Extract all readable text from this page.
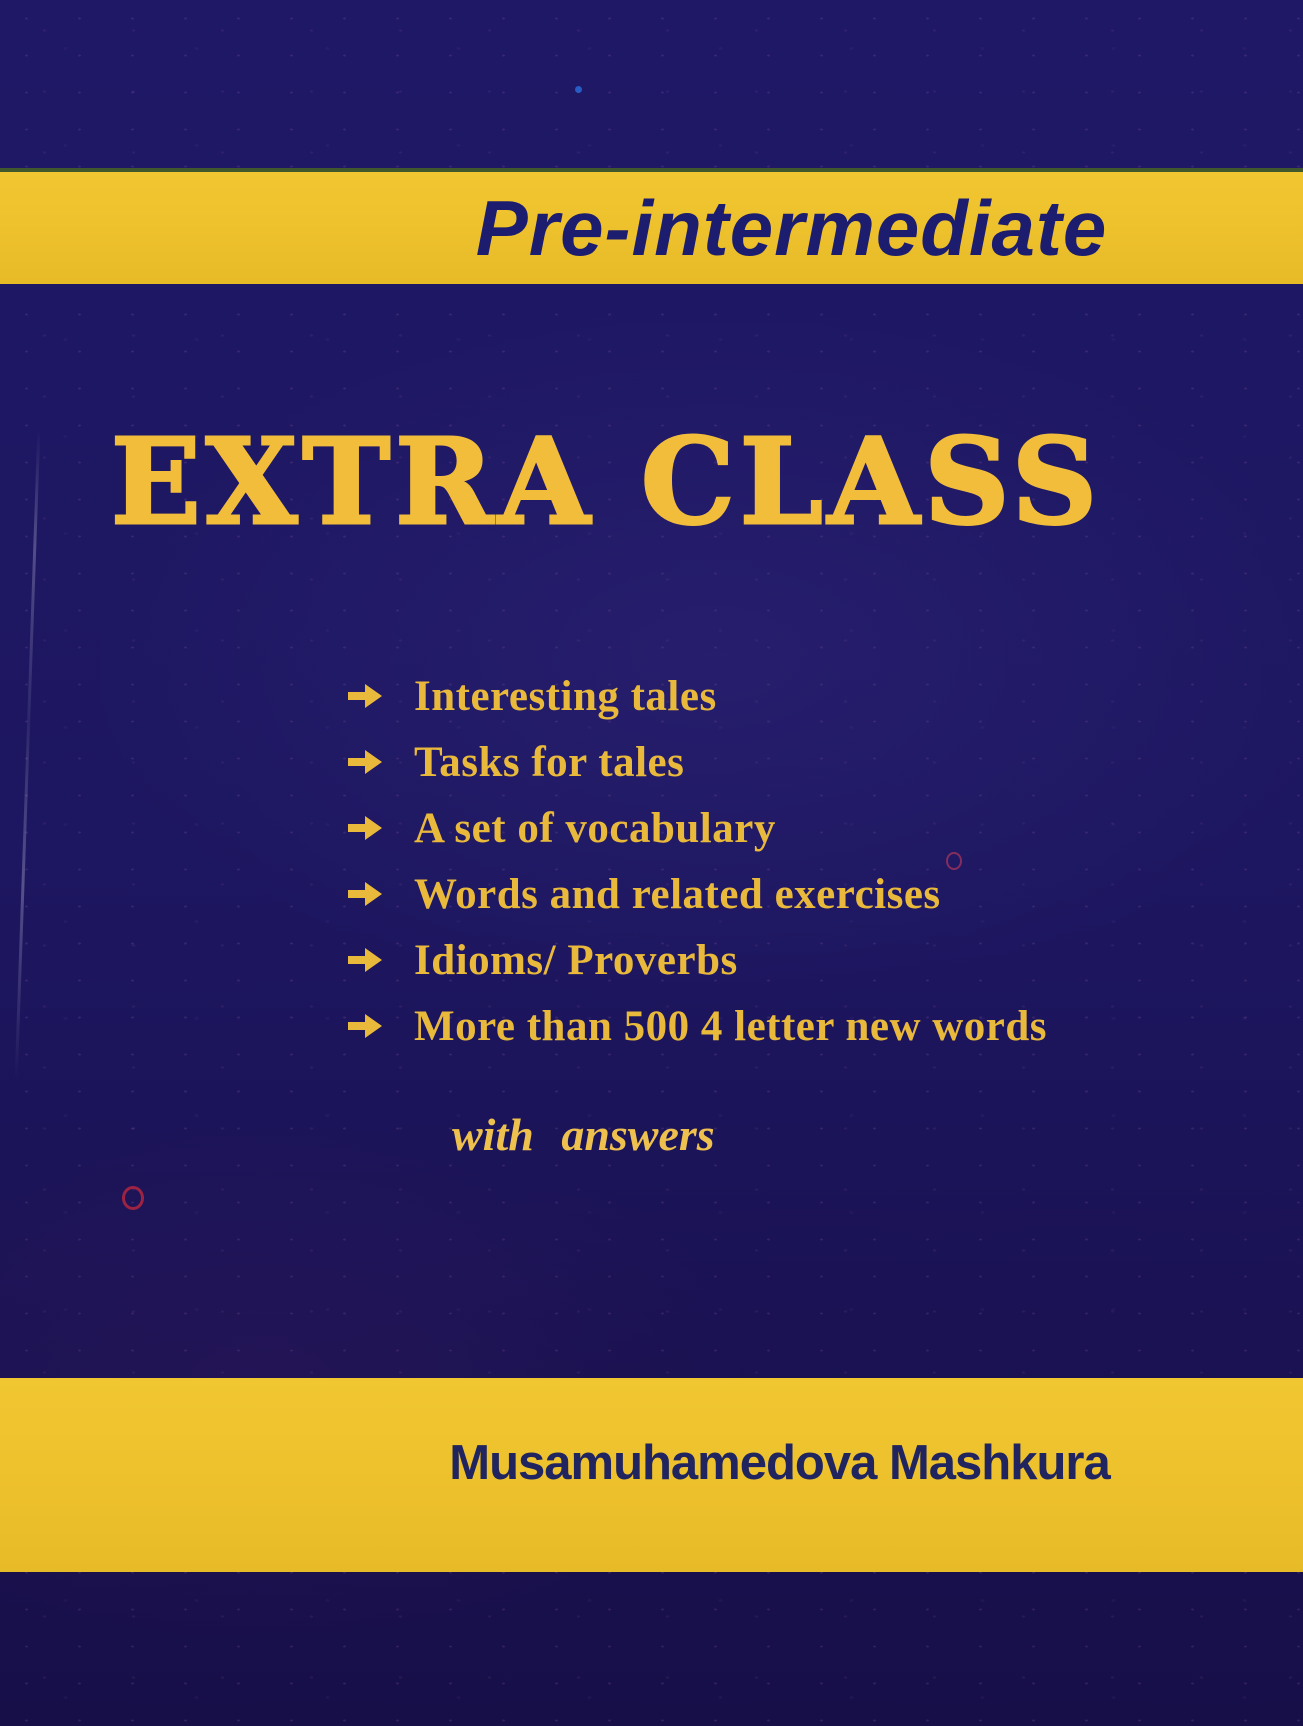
Pre-intermediate
EXTRA CLASS
Interesting tales
Tasks for tales
A set of vocabulary
Words and related exercises
Idioms/ Proverbs
More than 500 4 letter new words
with answers
Musamuhamedova Mashkura
